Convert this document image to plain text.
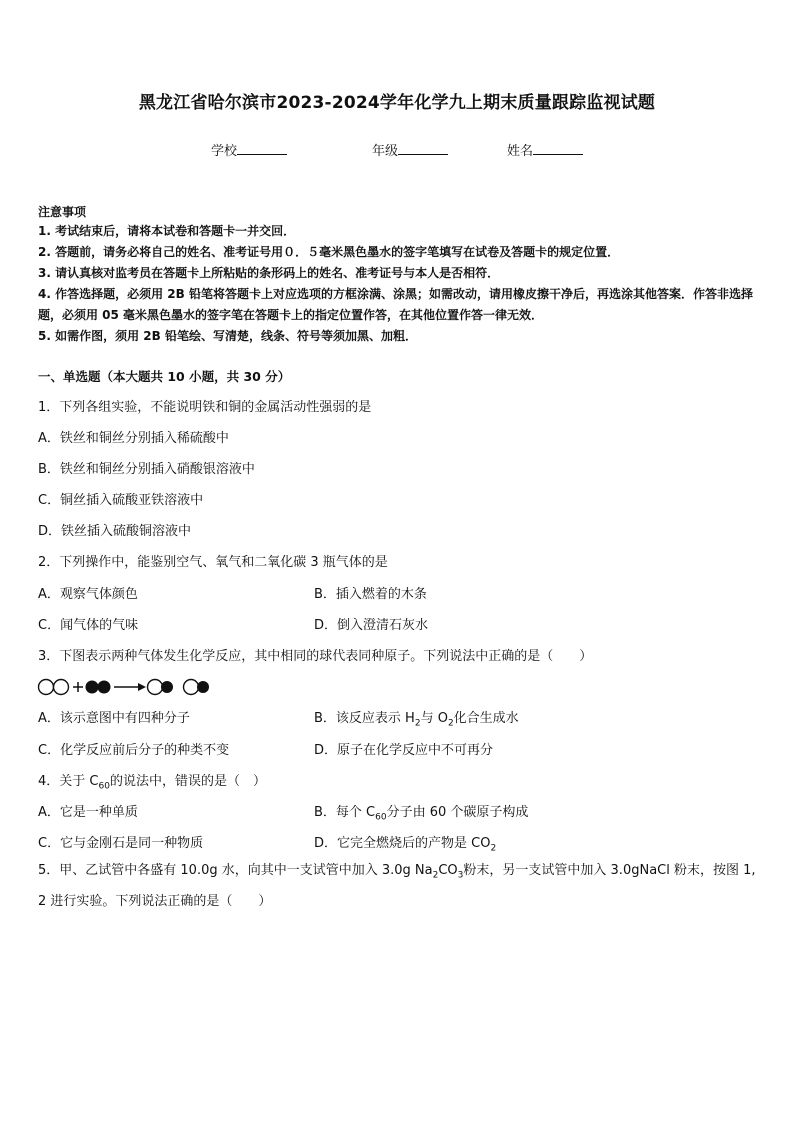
黑龙江省哈尔滨市2023-2024学年化学九上期末质量跟踪监视试题
学校	年级	姓名
注意事项
1. 考试结束后，请将本试卷和答题卡一并交回．
2. 答题前，请务必将自己的姓名、准考证号用０．５毫米黑色墨水的签字笔填写在试卷及答题卡的规定位置．
3. 请认真核对监考员在答题卡上所粘贴的条形码上的姓名、准考证号与本人是否相符．
4. 作答选择题，必须用 2B 铅笔将答题卡上对应选项的方框涂满、涂黑；如需改动，请用橡皮擦干净后，再选涂其他答案．作答非选择题，必须用 05 毫米黑色墨水的签字笔在答题卡上的指定位置作答，在其他位置作答一律无效．
5. 如需作图，须用 2B 铅笔绘、写清楚，线条、符号等须加黑、加粗．
一、单选题（本大题共 10 小题，共 30 分）
1．下列各组实验，不能说明铁和铜的金属活动性强弱的是
A．铁丝和铜丝分别插入稀硫酸中
B．铁丝和铜丝分别插入硝酸银溶液中
C．铜丝插入硫酸亚铁溶液中
D．铁丝插入硫酸铜溶液中
2．下列操作中，能鉴别空气、氧气和二氧化碳 3 瓶气体的是
A．观察气体颜色	B．插入燃着的木条
C．闻气体的气味	D．倒入澄清石灰水
3．下图表示两种气体发生化学反应，其中相同的球代表同种原子。下列说法中正确的是（　　）
A．该示意图中有四种分子	B．该反应表示 $H_2$与 $O_2$化合生成水
C．化学反应前后分子的种类不变	D．原子在化学反应中不可再分
4．关于 $C_{60}$的说法中，错误的是（　）
A．它是一种单质	B．每个 $C_{60}$分子由 60 个碳原子构成
C．它与金刚石是同一种物质	D．它完全燃烧后的产物是 $CO_2$
5．甲、乙试管中各盛有 10.0g 水，向其中一支试管中加入 3.0g $Na_2CO_3$粉末，另一支试管中加入 3.0gNaCl 粉末，按图 1, 2 进行实验。下列说法正确的是（　　）
